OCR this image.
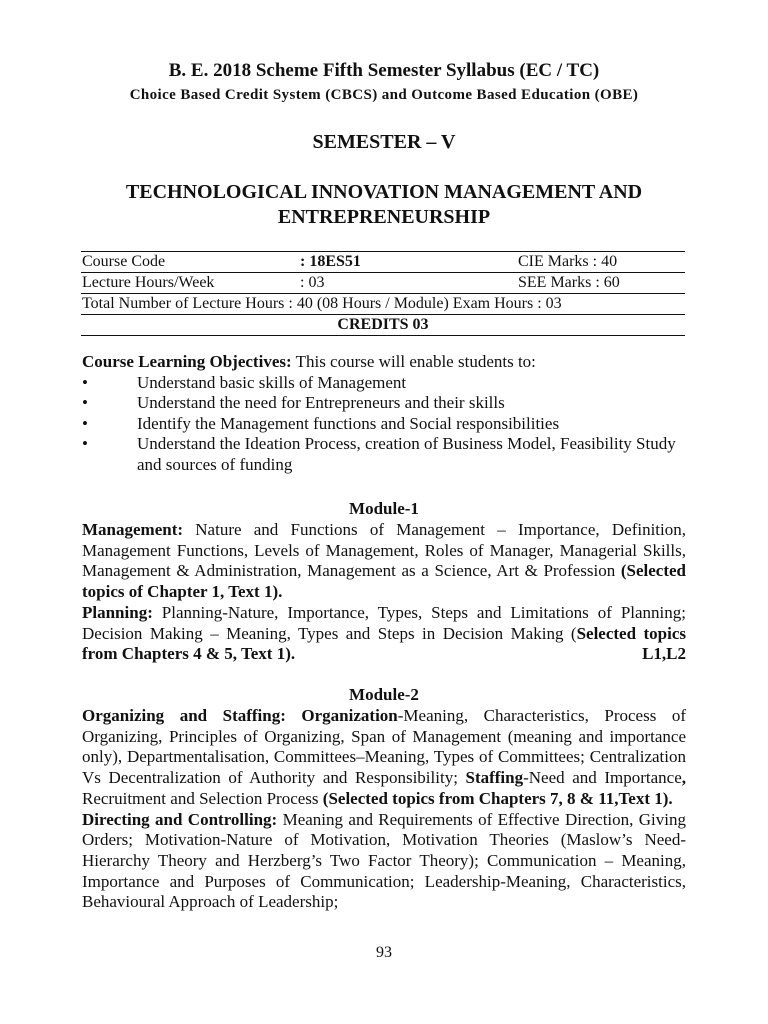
B. E. 2018 Scheme Fifth Semester Syllabus (EC / TC)
Choice Based Credit System (CBCS) and Outcome Based Education (OBE)
SEMESTER – V
TECHNOLOGICAL INNOVATION MANAGEMENT AND
ENTREPRENEURSHIP
Course Code	: 18ES51	CIE Marks : 40
Lecture Hours/Week	: 03	SEE Marks : 60
Total Number of Lecture Hours : 40 (08 Hours / Module) Exam Hours : 03
CREDITS 03
Course Learning Objectives: This course will enable students to:
•	Understand basic skills of Management
•	Understand the need for Entrepreneurs and their skills
•	Identify the Management functions and Social responsibilities
•	Understand the Ideation Process, creation of Business Model, Feasibility Study and sources of funding
Module-1

Management: Nature and Functions of Management – Importance, Definition, Management Functions, Levels of Management, Roles of Manager, Managerial Skills, Management & Administration, Management as a Science, Art & Profession (Selected topics of Chapter 1, Text 1).

Planning: Planning-Nature, Importance, Types, Steps and Limitations of Planning; Decision Making – Meaning, Types and Steps in Decision Making (Selected topics from Chapters 4 & 5, Text 1).	L1,L2

Module-2

Organizing and Staffing: Organization-Meaning, Characteristics, Process of Organizing, Principles of Organizing, Span of Management (meaning and importance only), Departmentalisation, Committees–Meaning, Types of Committees; Centralization Vs Decentralization of Authority and Responsibility; Staffing-Need and Importance, Recruitment and Selection Process (Selected topics from Chapters 7, 8 & 11,Text 1).

Directing and Controlling: Meaning and Requirements of Effective Direction, Giving Orders; Motivation-Nature of Motivation, Motivation Theories (Maslow’s Need-Hierarchy Theory and Herzberg’s Two Factor Theory); Communication – Meaning, Importance and Purposes of Communication; Leadership-Meaning, Characteristics, Behavioural Approach of Leadership;

93
